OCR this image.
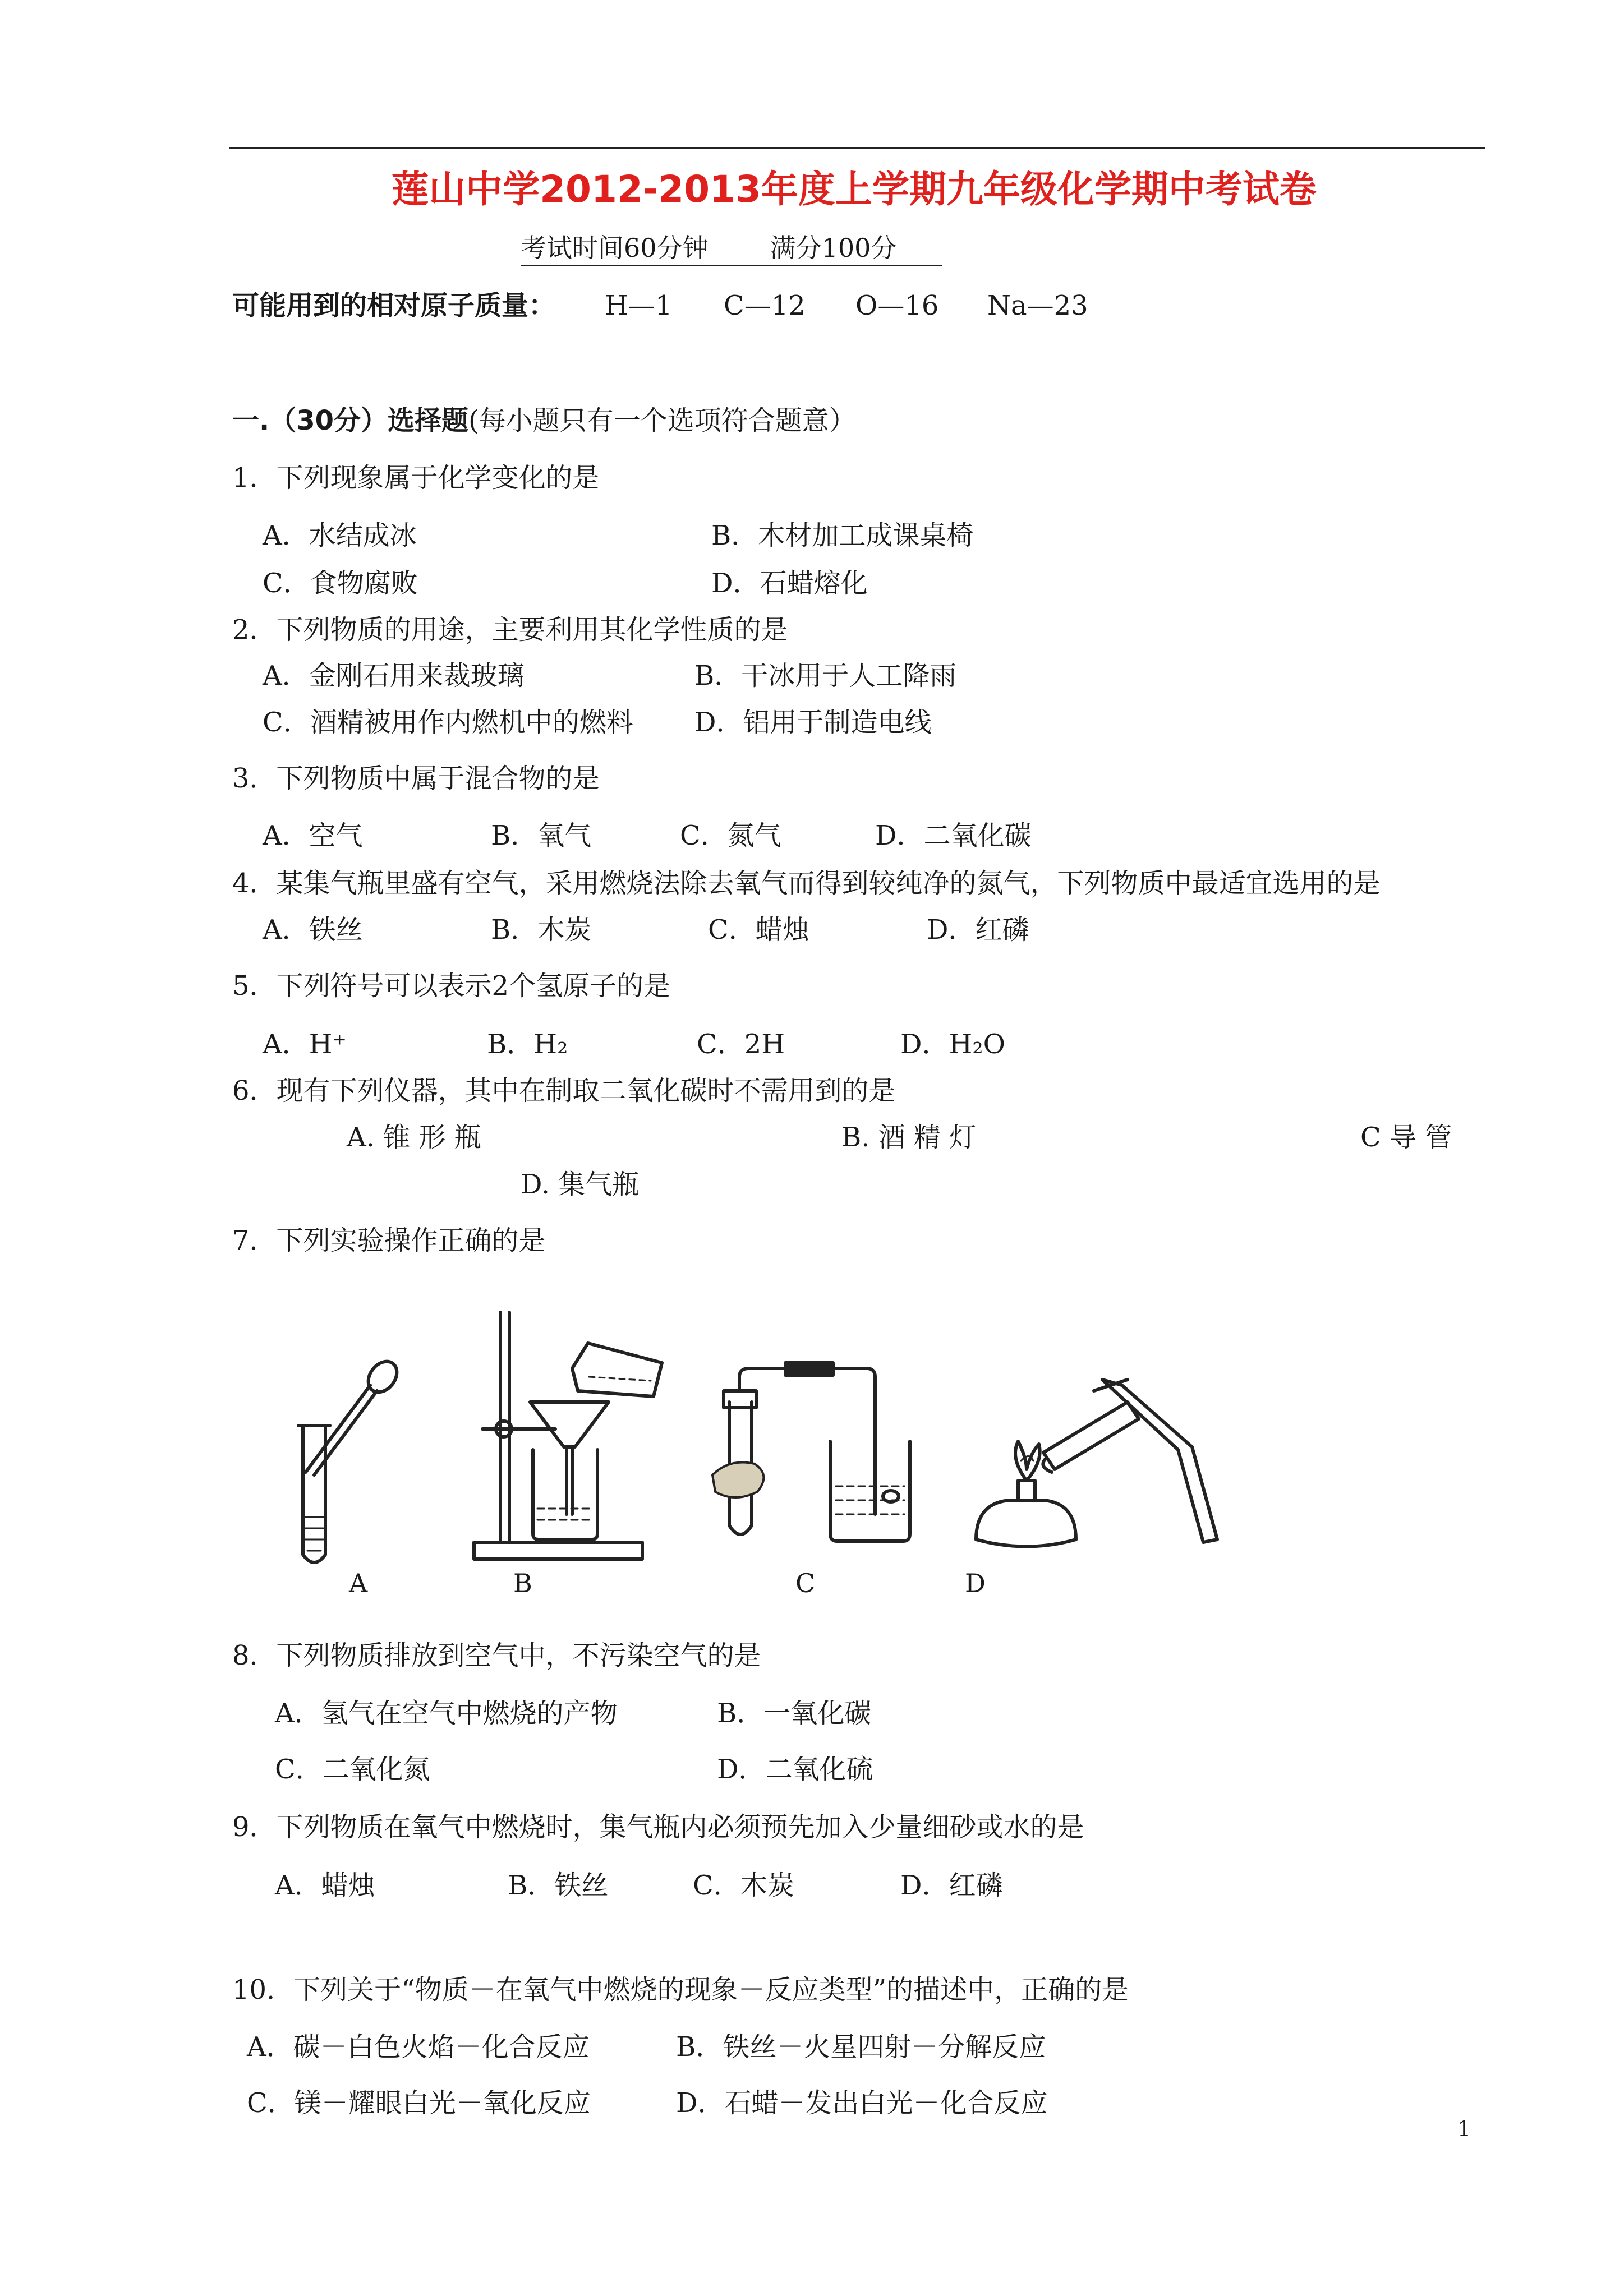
莲山中学2012-2013年度上学期九年级化学期中考试卷
考试时间60分钟 满分100分
可能用到的相对原子质量： H—1 C—12 O—16 Na—23
一.（30分）选择题(每小题只有一个选项符合题意）
1．下列现象属于化学变化的是
A．水结成冰	B．木材加工成课桌椅
C．食物腐败	D．石蜡熔化
2．下列物质的用途，主要利用其化学性质的是
A．金刚石用来裁玻璃	B．干冰用于人工降雨
C．酒精被用作内燃机中的燃料 D．铝用于制造电线
3．下列物质中属于混合物的是
A．空气	B．氧气	C．氮气	D．二氧化碳
4．某集气瓶里盛有空气，采用燃烧法除去氧气而得到较纯净的氮气，下列物质中最适宜选用的是
A．铁丝	B．木炭	C．蜡烛	D．红磷
5．下列符号可以表示2个氢原子的是
A．H⁺	B．H₂	C．2H	D．H₂O
6．现有下列仪器，其中在制取二氧化碳时不需用到的是
A. 锥 形 瓶	B. 酒 精 灯	C 导 管
D. 集气瓶
7．下列实验操作正确的是
A	B	C	D
8．下列物质排放到空气中，不污染空气的是
A．氢气在空气中燃烧的产物	B．一氧化碳
C．二氧化氮	D．二氧化硫
9．下列物质在氧气中燃烧时，集气瓶内必须预先加入少量细砂或水的是
A．蜡烛	B．铁丝	C．木炭	D．红磷
10．下列关于“物质－在氧气中燃烧的现象－反应类型”的描述中，正确的是
A．碳－白色火焰－化合反应	B．铁丝－火星四射－分解反应
C．镁－耀眼白光－氧化反应	D．石蜡－发出白光－化合反应
1
